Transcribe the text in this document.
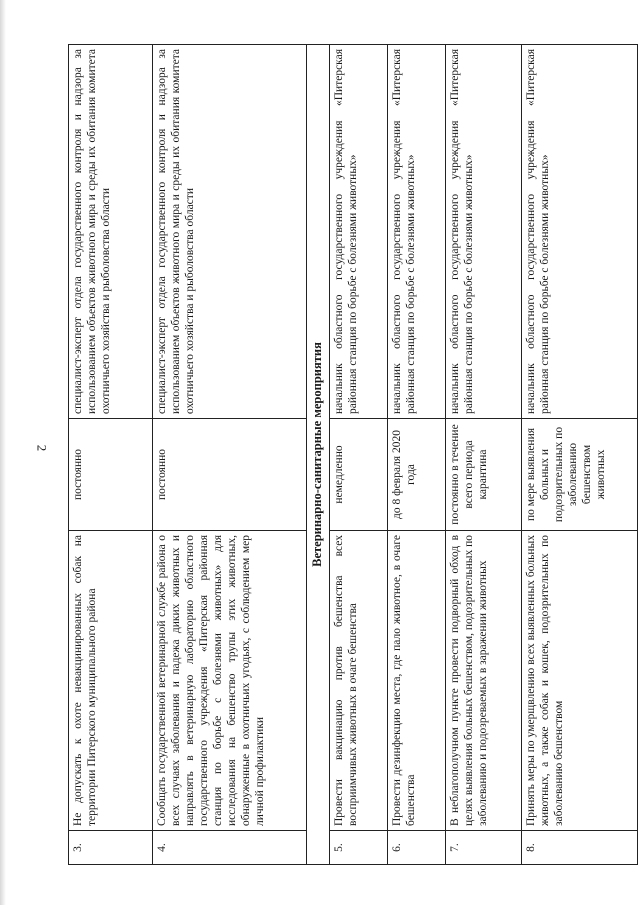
2
3.	Не допускать к охоте невакцинированных собак на территории Питерского муниципального района	постоянно	специалист-эксперт отдела государственного контроля и надзора за использованием объектов животного мира и среды их обитания комитета охотничьего хозяйства и рыболовства области
4.	Сообщать государственной ветеринарной службе района о всех случаях заболевания и падежа диких животных и направлять в ветеринарную лабораторию областного государственного учреждения «Питерская районная станция по борьбе с болезнями животных» для исследования на бешенство трупы этих животных, обнаруженные в охотничьих угодьях, с соблюдением мер личной профилактики	постоянно	специалист-эксперт отдела государственного контроля и надзора за использованием объектов животного мира и среды их обитания комитета охотничьего хозяйства и рыболовства области
Ветеринарно-санитарные мероприятия			
5.	Провести вакцинацию против бешенства всех восприимчивых животных в очаге бешенства	немедленно	начальник областного государственного учреждения «Питерская районная станция по борьбе с болезнями животных»
6.	Провести дезинфекцию места, где пало животное, в очаге бешенства	до 8 февраля 2020 года	начальник областного государственного учреждения «Питерская районная станция по борьбе с болезнями животных»
7.	В неблагополучном пункте провести подворный обход в целях выявления больных бешенством, подозрительных по заболеванию и подозреваемых в заражении животных	постоянно в течение всего периода карантина	начальник областного государственного учреждения «Питерская районная станция по борьбе с болезнями животных»
8.	Принять меры по умерщвлению всех выявленных больных животных, а также собак и кошек, подозрительных по заболеванию бешенством	по мере выявления больных и подозрительных по заболеванию бешенством животных	начальник областного государственного учреждения «Питерская районная станция по борьбе с болезнями животных»
